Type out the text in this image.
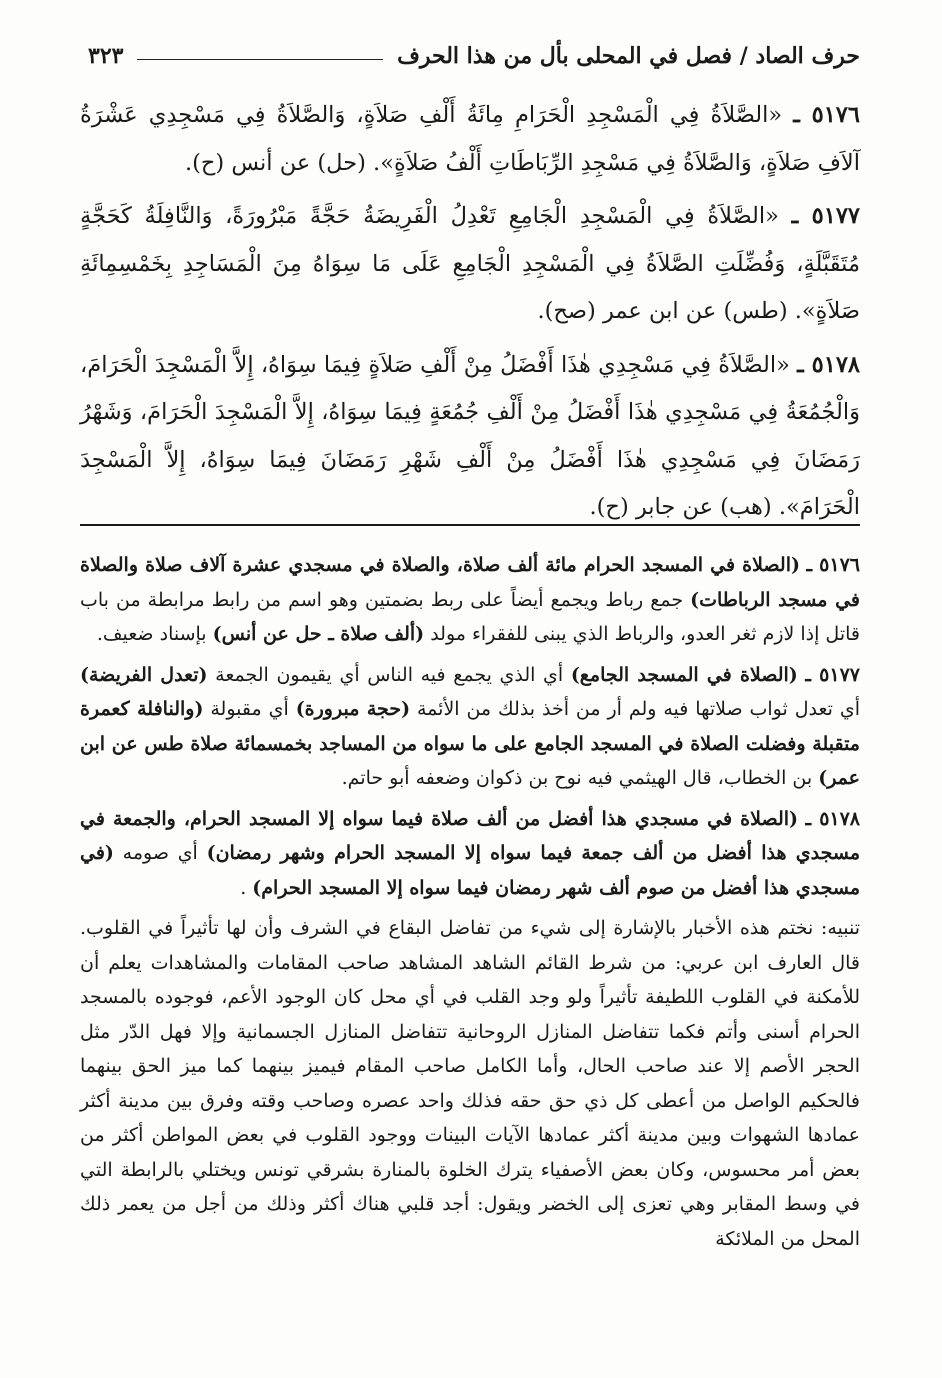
حرف الصاد / فصل في المحلى بأل من هذا الحرف
٣٢٣

٥١٧٦ ـ «الصَّلاَةُ فِي الْمَسْجِدِ الْحَرَامِ مِائَةُ أَلْفِ صَلاَةٍ، وَالصَّلاَةُ فِي مَسْجِدِي عَشْرَةُ آلاَفِ صَلاَةٍ، وَالصَّلاَةُ فِي مَسْجِدِ الرِّبَاطَاتِ أَلْفُ صَلاَةٍ». (حل) عن أنس (ح).

٥١٧٧ ـ «الصَّلاَةُ فِي الْمَسْجِدِ الْجَامِعِ تَعْدِلُ الْفَرِيضَةُ حَجَّةً مَبْرُورَةً، وَالنَّافِلَةُ كَحَجَّةٍ مُتَقَبَّلَةٍ، وَفُضِّلَتِ الصَّلاَةُ فِي الْمَسْجِدِ الْجَامِعِ عَلَى مَا سِوَاهُ مِنَ الْمَسَاجِدِ بِخَمْسِمِائَةِ صَلاَةٍ». (طس) عن ابن عمر (صح).

٥١٧٨ ـ «الصَّلاَةُ فِي مَسْجِدِي هٰذَا أَفْضَلُ مِنْ أَلْفِ صَلاَةٍ فِيمَا سِوَاهُ، إِلاَّ الْمَسْجِدَ الْحَرَامَ، وَالْجُمُعَةُ فِي مَسْجِدِي هٰذَا أَفْضَلُ مِنْ أَلْفِ جُمُعَةٍ فِيمَا سِوَاهُ، إِلاَّ الْمَسْجِدَ الْحَرَامَ، وَشَهْرُ رَمَضَانَ فِي مَسْجِدِي هٰذَا أَفْضَلُ مِنْ أَلْفِ شَهْرِ رَمَضَانَ فِيمَا سِوَاهُ، إِلاَّ الْمَسْجِدَ الْحَرَامَ». (هب) عن جابر (ح).

٥١٧٦ ـ (الصلاة في المسجد الحرام مائة ألف صلاة، والصلاة في مسجدي عشرة آلاف صلاة والصلاة في مسجد الرباطات) جمع رباط ويجمع أيضاً على ربط بضمتين وهو اسم من رابط مرابطة من باب قاتل إذا لازم ثغر العدو، والرباط الذي يبنى للفقراء مولد (ألف صلاة ـ حل عن أنس) بإسناد ضعيف.

٥١٧٧ ـ (الصلاة في المسجد الجامع) أي الذي يجمع فيه الناس أي يقيمون الجمعة (تعدل الفريضة) أي تعدل ثواب صلاتها فيه ولم أر من أخذ بذلك من الأئمة (حجة مبرورة) أي مقبولة (والنافلة كعمرة متقبلة وفضلت الصلاة في المسجد الجامع على ما سواه من المساجد بخمسمائة صلاة طس عن ابن عمر) بن الخطاب، قال الهيثمي فيه نوح بن ذكوان وضعفه أبو حاتم.

٥١٧٨ ـ (الصلاة في مسجدي هذا أفضل من ألف صلاة فيما سواه إلا المسجد الحرام، والجمعة في مسجدي هذا أفضل من ألف جمعة فيما سواه إلا المسجد الحرام وشهر رمضان) أي صومه (في مسجدي هذا أفضل من صوم ألف شهر رمضان فيما سواه إلا المسجد الحرام) .

تنبيه: نختم هذه الأخبار بالإشارة إلى شيء من تفاضل البقاع في الشرف وأن لها تأثيراً في القلوب. قال العارف ابن عربي: من شرط القائم الشاهد المشاهد صاحب المقامات والمشاهدات يعلم أن للأمكنة في القلوب اللطيفة تأثيراً ولو وجد القلب في أي محل كان الوجود الأعم، فوجوده بالمسجد الحرام أسنى وأتم فكما تتفاضل المنازل الروحانية تتفاضل المنازل الجسمانية وإلا فهل الدّر مثل الحجر الأصم إلا عند صاحب الحال، وأما الكامل صاحب المقام فيميز بينهما كما ميز الحق بينهما فالحكيم الواصل من أعطى كل ذي حق حقه فذلك واحد عصره وصاحب وقته وفرق بين مدينة أكثر عمادها الشهوات وبين مدينة أكثر عمادها الآيات البينات ووجود القلوب في بعض المواطن أكثر من بعض أمر محسوس، وكان بعض الأصفياء يترك الخلوة بالمنارة بشرقي تونس ويختلي بالرابطة التي في وسط المقابر وهي تعزى إلى الخضر ويقول: أجد قلبي هناك أكثر وذلك من أجل من يعمر ذلك المحل من الملائكة
